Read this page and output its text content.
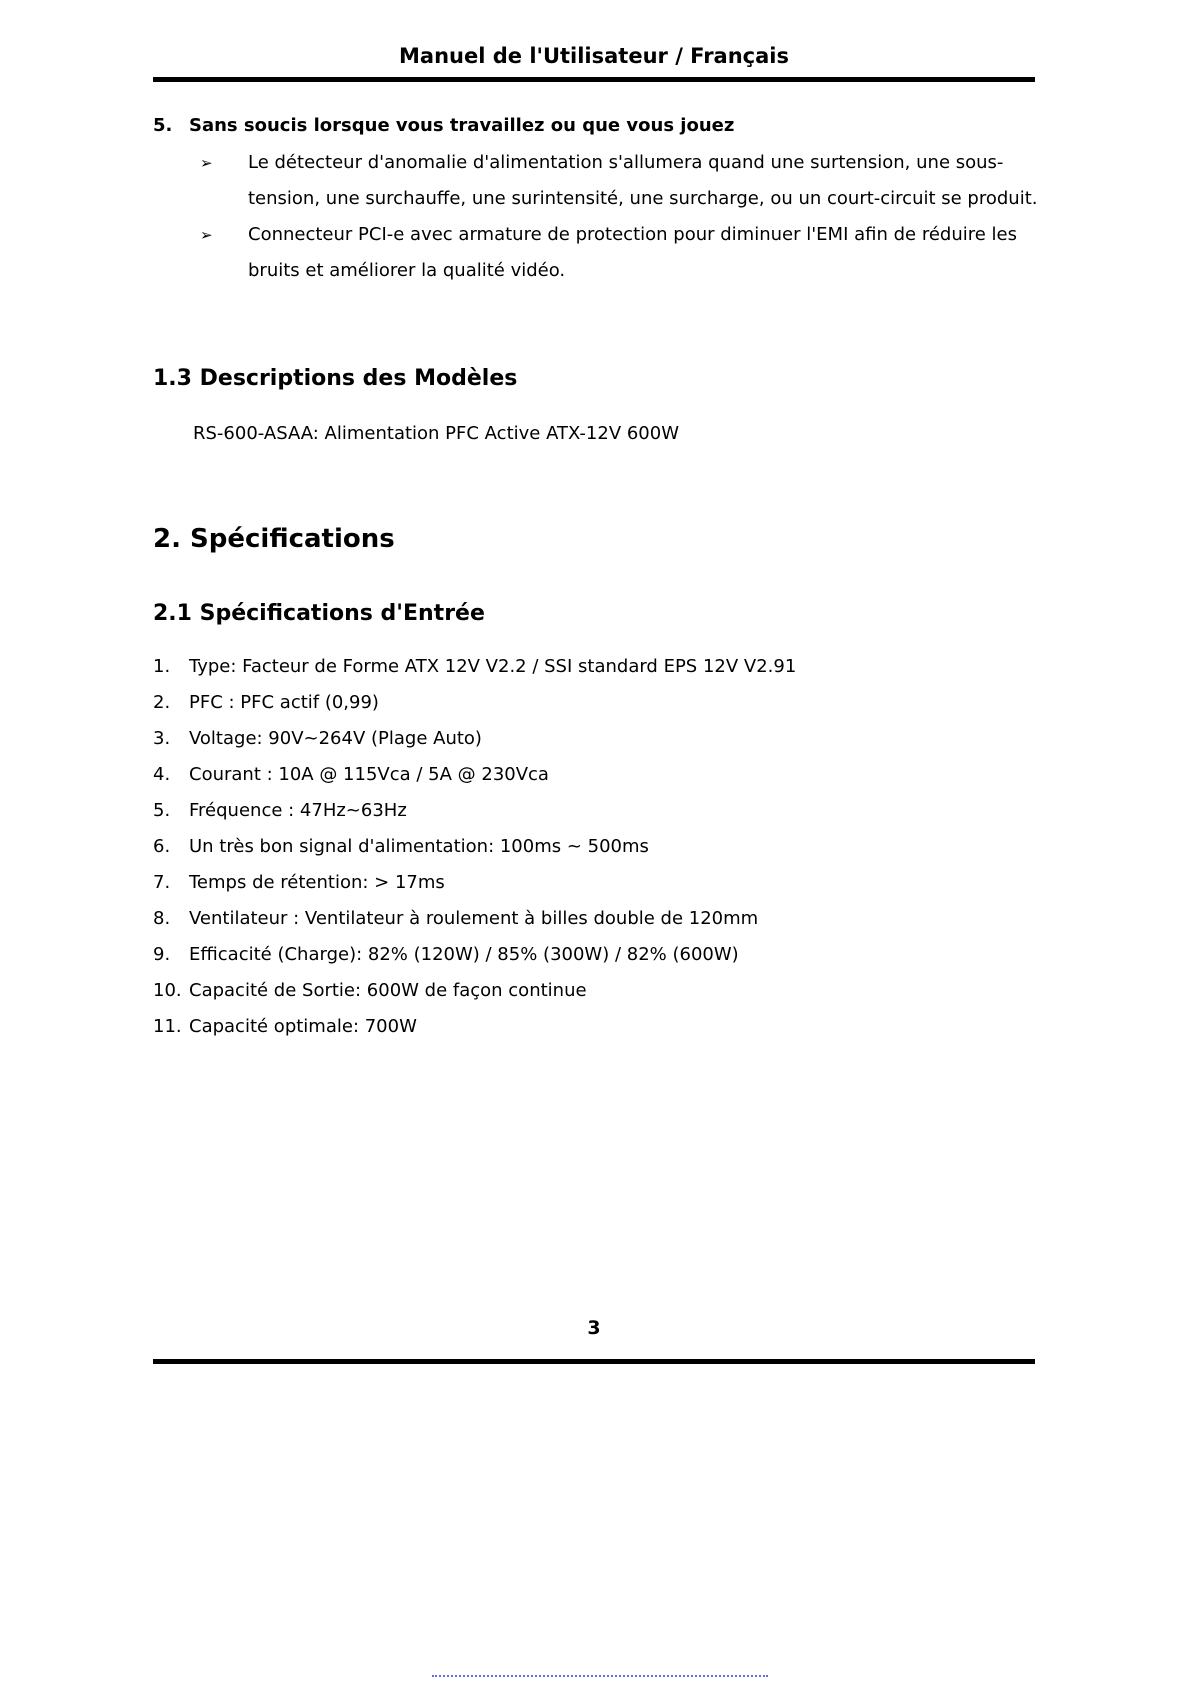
Manuel de l'Utilisateur / Français
5. Sans soucis lorsque vous travaillez ou que vous jouez
➢ Le détecteur d'anomalie d'alimentation s'allumera quand une surtension, une sous-tension, une surchauffe, une surintensité, une surcharge, ou un court-circuit se produit.
➢ Connecteur PCI-e avec armature de protection pour diminuer l'EMI afin de réduire les bruits et améliorer la qualité vidéo.
1.3 Descriptions des Modèles
RS-600-ASAA: Alimentation PFC Active ATX-12V 600W
2. Spécifications
2.1 Spécifications d'Entrée
1. Type: Facteur de Forme ATX 12V V2.2 / SSI standard EPS 12V V2.91
2. PFC : PFC actif (0,99)
3. Voltage: 90V~264V (Plage Auto)
4. Courant : 10A @ 115Vca / 5A @ 230Vca
5. Fréquence : 47Hz~63Hz
6. Un très bon signal d'alimentation: 100ms ~ 500ms
7. Temps de rétention: > 17ms
8. Ventilateur : Ventilateur à roulement à billes double de 120mm
9. Efficacité (Charge): 82% (120W) / 85% (300W) / 82% (600W)
10. Capacité de Sortie: 600W de façon continue
11. Capacité optimale: 700W
3
